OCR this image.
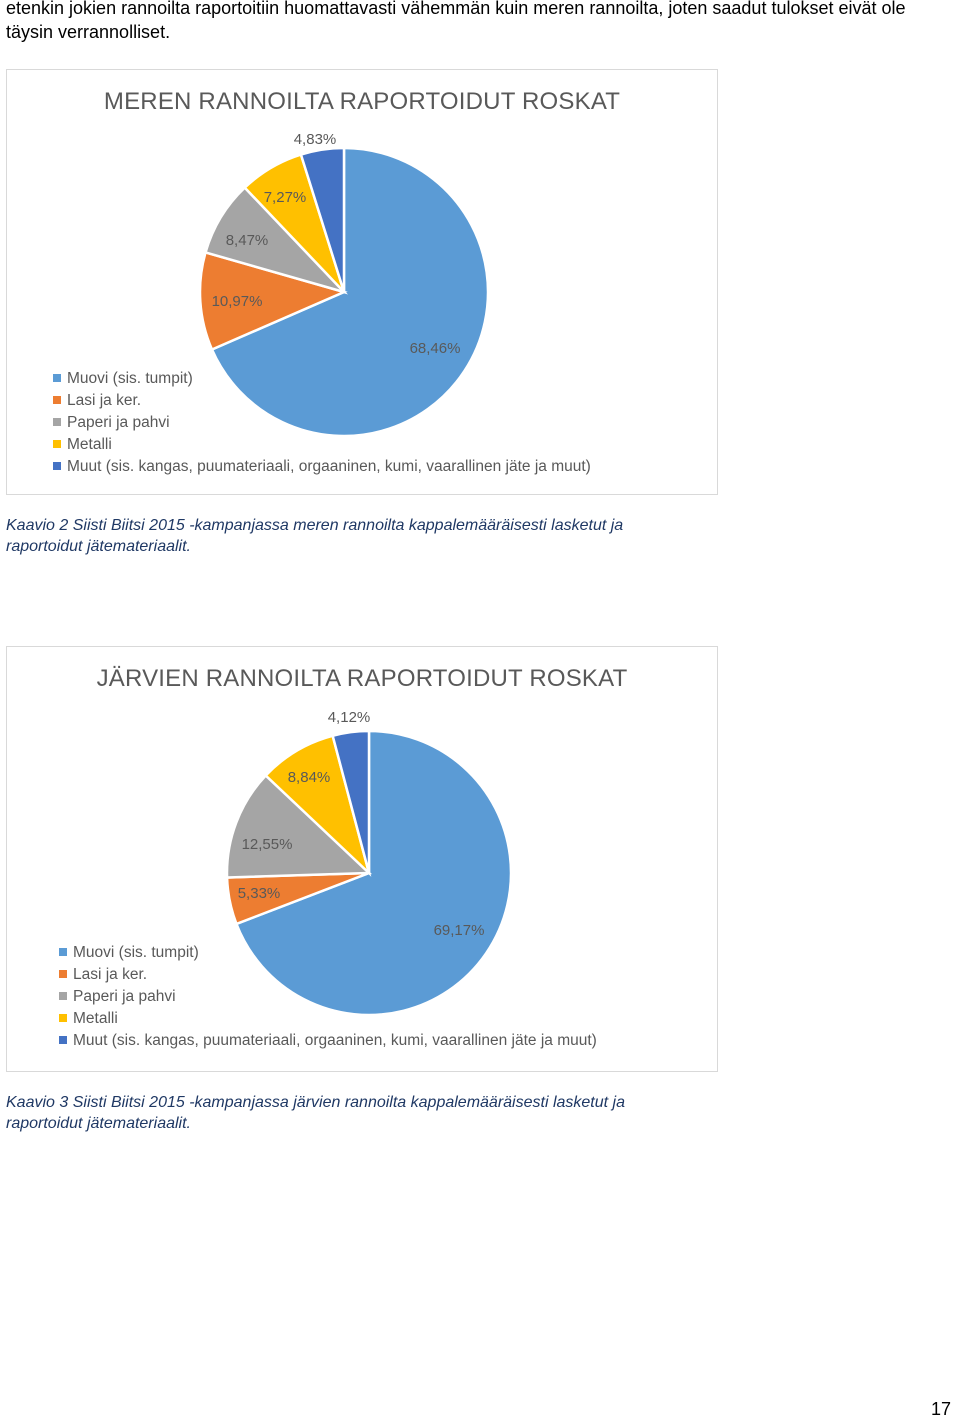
etenkin jokien rannoilta raportoitiin huomattavasti vähemmän kuin meren rannoilta, joten saadut tulokset eivät ole täysin verrannolliset.

68,46%
10,97%
8,47%
7,27%
4,83%
MEREN RANNOILTA RAPORTOIDUT ROSKAT
Muovi (sis. tumpit)
Lasi ja ker.
Paperi ja pahvi
Metalli
Muut (sis. kangas, puumateriaali, orgaaninen, kumi, vaarallinen jäte ja muut)

Kaavio 2 Siisti Biitsi 2015 -kampanjassa meren rannoilta kappalemääräisesti lasketut ja raportoidut jätemateriaalit.

69,17%
5,33%
12,55%
8,84%
4,12%
JÄRVIEN RANNOILTA RAPORTOIDUT ROSKAT
Muovi (sis. tumpit)
Lasi ja ker.
Paperi ja pahvi
Metalli
Muut (sis. kangas, puumateriaali, orgaaninen, kumi, vaarallinen jäte ja muut)

Kaavio 3 Siisti Biitsi 2015 -kampanjassa järvien rannoilta kappalemääräisesti lasketut ja raportoidut jätemateriaalit.

17
